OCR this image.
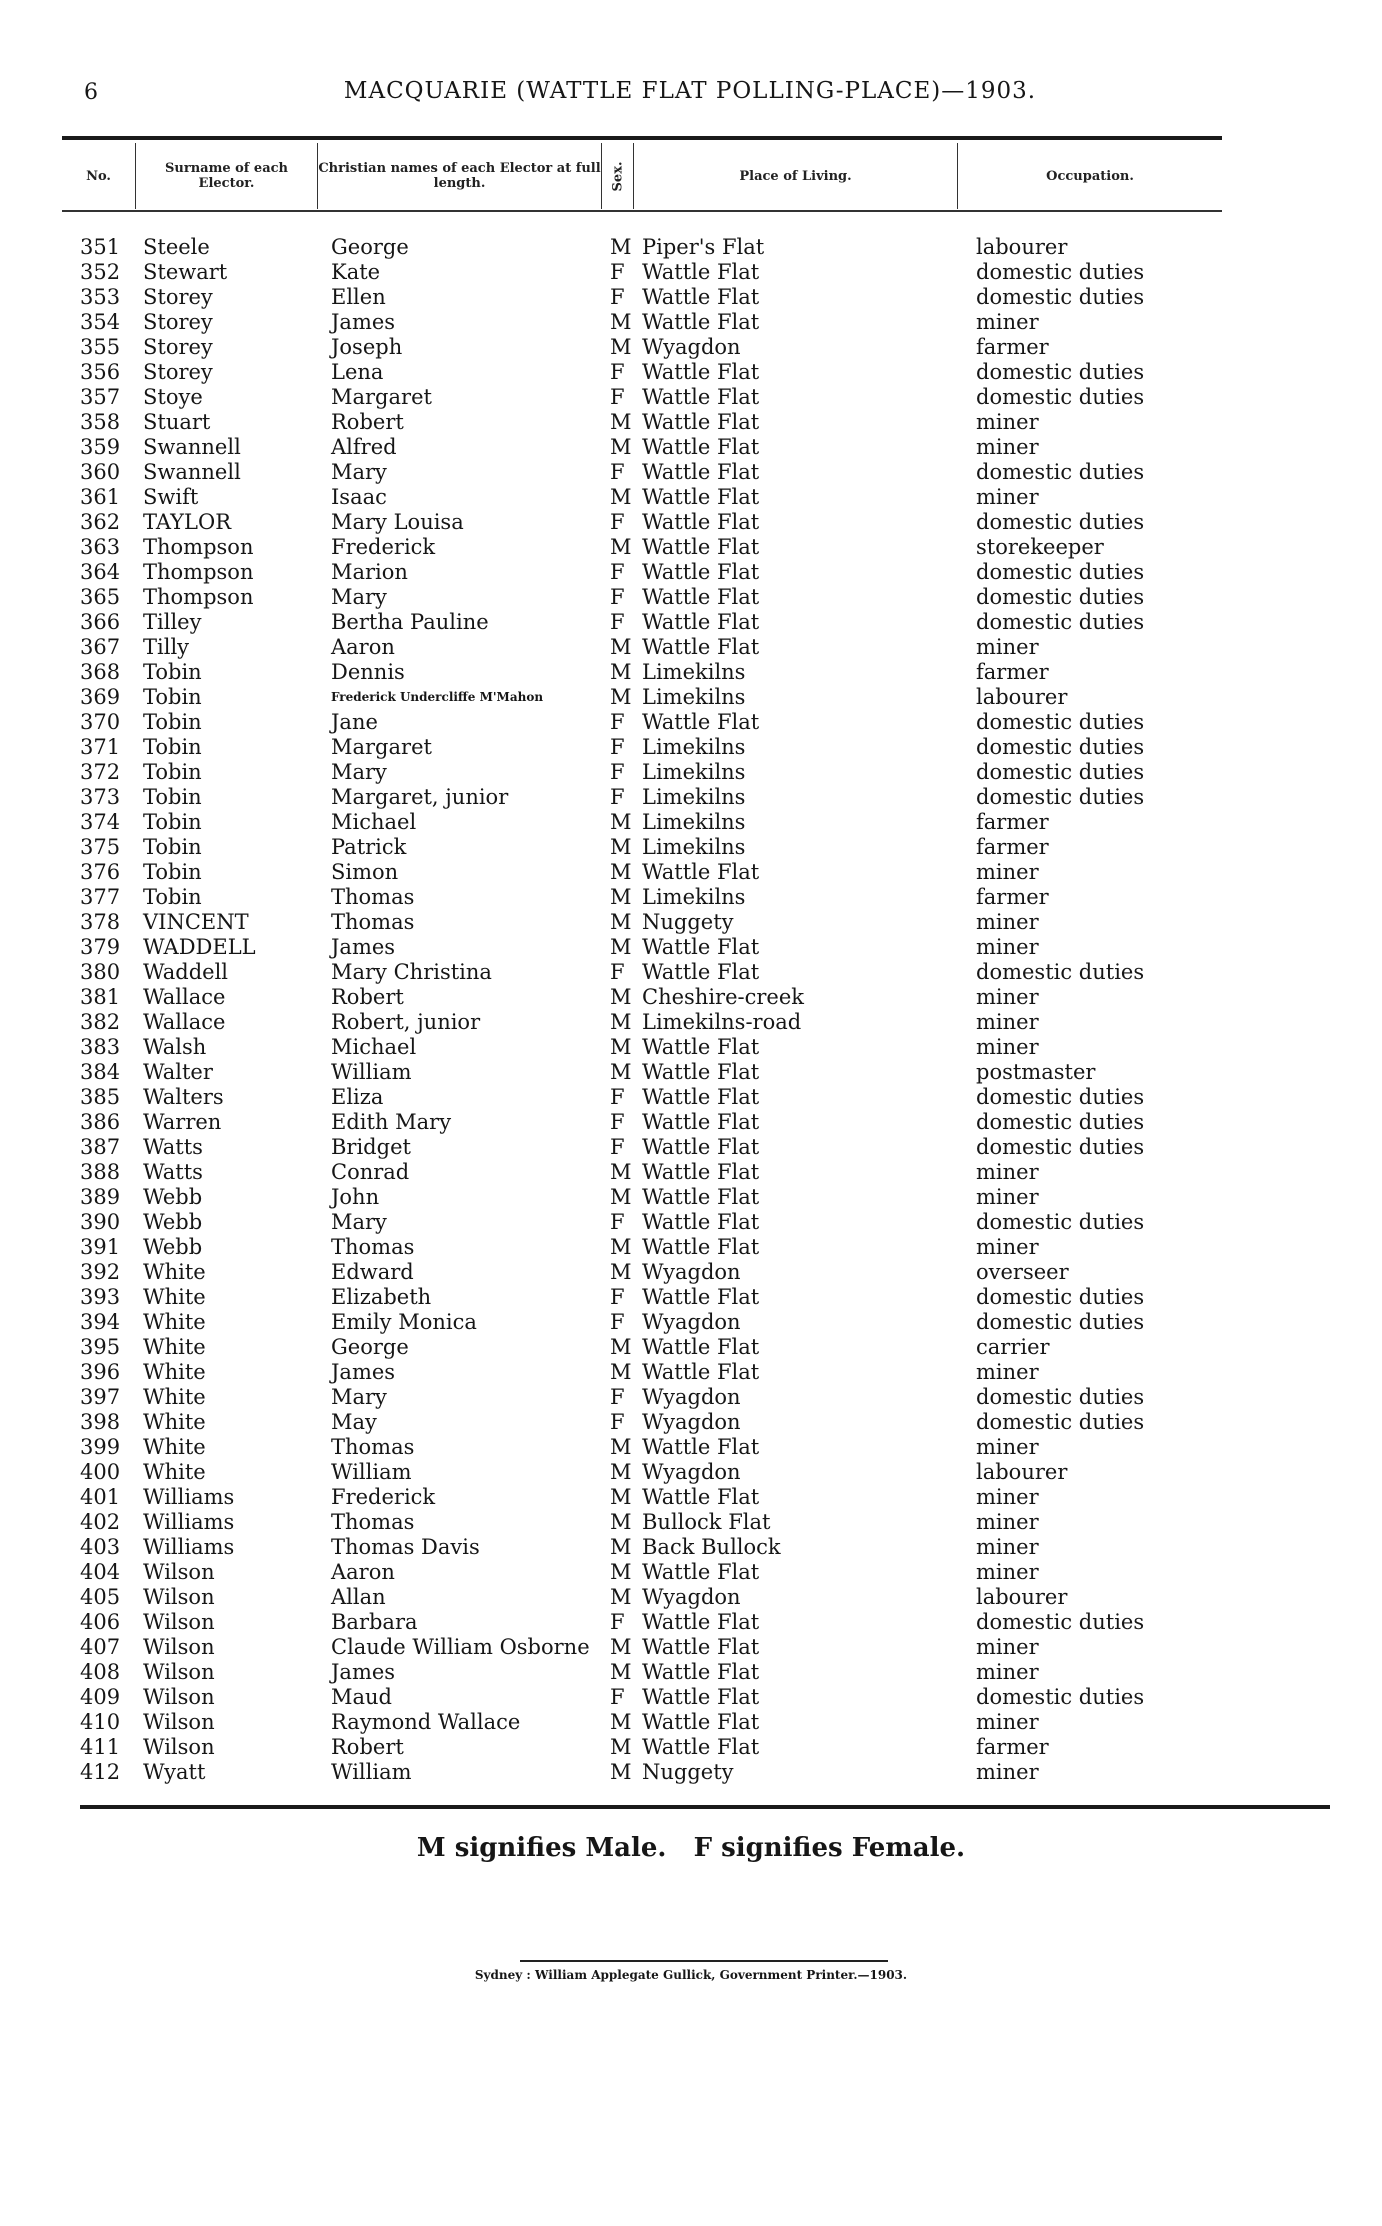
6	MACQUARIE (WATTLE FLAT POLLING-PLACE)—1903.
No.	Surname of each Elector.
Christian names of each Elector at full length.	Sex.	Place of Living.	Occupation.
351 Steele	George	M Piper's Flat	labourer
352 Stewart	Kate	F Wattle Flat	domestic duties
353 Storey	Ellen	F Wattle Flat	domestic duties
354 Storey	James	M Wattle Flat	miner
355 Storey	Joseph	M Wyagdon	farmer
356 Storey	Lena	F Wattle Flat	domestic duties
357 Stoye	Margaret	F Wattle Flat	domestic duties
358 Stuart	Robert	M Wattle Flat	miner
359 Swannell	Alfred	M Wattle Flat	miner
360 Swannell	Mary	F Wattle Flat	domestic duties
361 Swift	Isaac	M Wattle Flat	miner
362 TAYLOR	Mary Louisa	F Wattle Flat	domestic duties
363 Thompson	Frederick	M Wattle Flat	storekeeper
364 Thompson	Marion	F Wattle Flat	domestic duties
365 Thompson	Mary	F Wattle Flat	domestic duties
366 Tilley	Bertha Pauline	F Wattle Flat	domestic duties
367 Tilly	Aaron	M Wattle Flat	miner
368 Tobin	Dennis	M Limekilns	farmer
369 Tobin	Frederick Undercliffe M'Mahon	M Limekilns	labourer
370 Tobin	Jane	F Wattle Flat	domestic duties
371 Tobin	Margaret	F Limekilns	domestic duties
372 Tobin	Mary	F Limekilns	domestic duties
373 Tobin	Margaret, junior	F Limekilns	domestic duties
374 Tobin	Michael	M Limekilns	farmer
375 Tobin	Patrick	M Limekilns	farmer
376 Tobin	Simon	M Wattle Flat	miner
377 Tobin	Thomas	M Limekilns	farmer
378 VINCENT	Thomas	M Nuggety	miner
379 WADDELL	James	M Wattle Flat	miner
380 Waddell	Mary Christina	F Wattle Flat	domestic duties
381 Wallace	Robert	M Cheshire-creek	miner
382 Wallace	Robert, junior	M Limekilns-road	miner
383 Walsh	Michael	M Wattle Flat	miner
384 Walter	William	M Wattle Flat	postmaster
385 Walters	Eliza	F Wattle Flat	domestic duties
386 Warren	Edith Mary	F Wattle Flat	domestic duties
387 Watts	Bridget	F Wattle Flat	domestic duties
388 Watts	Conrad	M Wattle Flat	miner
389 Webb	John	M Wattle Flat	miner
390 Webb	Mary	F Wattle Flat	domestic duties
391 Webb	Thomas	M Wattle Flat	miner
392 White	Edward	M Wyagdon	overseer
393 White	Elizabeth	F Wattle Flat	domestic duties
394 White	Emily Monica	F Wyagdon	domestic duties
395 White	George	M Wattle Flat	carrier
396 White	James	M Wattle Flat	miner
397 White	Mary	F Wyagdon	domestic duties
398 White	May	F Wyagdon	domestic duties
399 White	Thomas	M Wattle Flat	miner
400 White	William	M Wyagdon	labourer
401 Williams	Frederick	M Wattle Flat	miner
402 Williams	Thomas	M Bullock Flat	miner
403 Williams	Thomas Davis	M Back Bullock	miner
404 Wilson	Aaron	M Wattle Flat	miner
405 Wilson	Allan	M Wyagdon	labourer
406 Wilson	Barbara	F Wattle Flat	domestic duties
407 Wilson	Claude William Osborne M Wattle Flat	miner
408 Wilson	James	M Wattle Flat	miner
409 Wilson	Maud	F Wattle Flat	domestic duties
410 Wilson	Raymond Wallace	M Wattle Flat	miner
411 Wilson	Robert	M Wattle Flat	farmer
412 Wyatt	William	M Nuggety	miner
M signifies Male.   F signifies Female.
Sydney : William Applegate Gullick, Government Printer.—1903.
